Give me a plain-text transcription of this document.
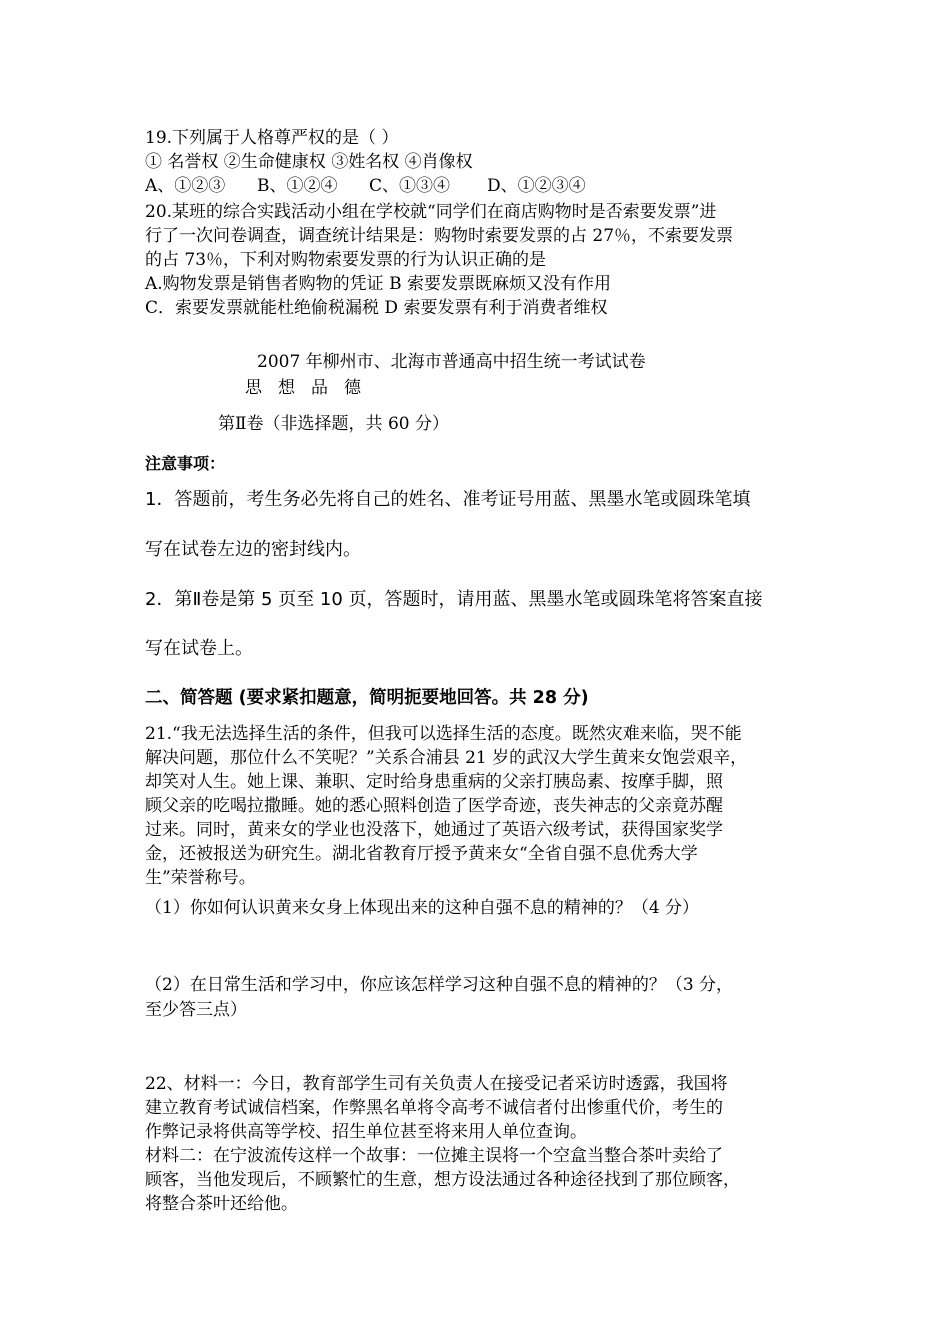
19.下列属于人格尊严权的是（ ）
① 名誉权 ②生命健康权 ③姓名权 ④肖像权
A、①②③ B、①②④ C、①③④ D、①②③④
20.某班的综合实践活动小组在学校就“同学们在商店购物时是否索要发票”进
行了一次问卷调查，调查统计结果是：购物时索要发票的占 27％，不索要发票
的占 73％，下利对购物索要发票的行为认识正确的是
A.购物发票是销售者购物的凭证 B 索要发票既麻烦又没有作用
C．索要发票就能杜绝偷税漏税 D 索要发票有利于消费者维权
2007 年柳州市、北海市普通高中招生统一考试试卷
思想品德
第Ⅱ卷（非选择题，共 60 分）
注意事项：
1．答题前，考生务必先将自己的姓名、准考证号用蓝、黑墨水笔或圆珠笔填
写在试卷左边的密封线内。
2．第Ⅱ卷是第 5 页至 10 页，答题时，请用蓝、黑墨水笔或圆珠笔将答案直接
写在试卷上。
二、简答题 (要求紧扣题意，简明扼要地回答。共 28 分)
21.“我无法选择生活的条件，但我可以选择生活的态度。既然灾难来临，哭不能
解决问题，那位什么不笑呢？”关系合浦县 21 岁的武汉大学生黄来女饱尝艰辛，
却笑对人生。她上课、兼职、定时给身患重病的父亲打胰岛素、按摩手脚，照
顾父亲的吃喝拉撒睡。她的悉心照料创造了医学奇迹，丧失神志的父亲竟苏醒
过来。同时，黄来女的学业也没落下，她通过了英语六级考试，获得国家奖学
金，还被报送为研究生。湖北省教育厅授予黄来女“全省自强不息优秀大学
生”荣誉称号。
（1）你如何认识黄来女身上体现出来的这种自强不息的精神的？（4 分）
（2）在日常生活和学习中，你应该怎样学习这种自强不息的精神的？（3 分，
至少答三点）
22、材料一：今日，教育部学生司有关负责人在接受记者采访时透露，我国将
建立教育考试诚信档案，作弊黑名单将令高考不诚信者付出惨重代价，考生的
作弊记录将供高等学校、招生单位甚至将来用人单位查询。
材料二：在宁波流传这样一个故事：一位摊主误将一个空盒当整合茶叶卖给了
顾客，当他发现后，不顾繁忙的生意，想方设法通过各种途径找到了那位顾客，
将整合茶叶还给他。
